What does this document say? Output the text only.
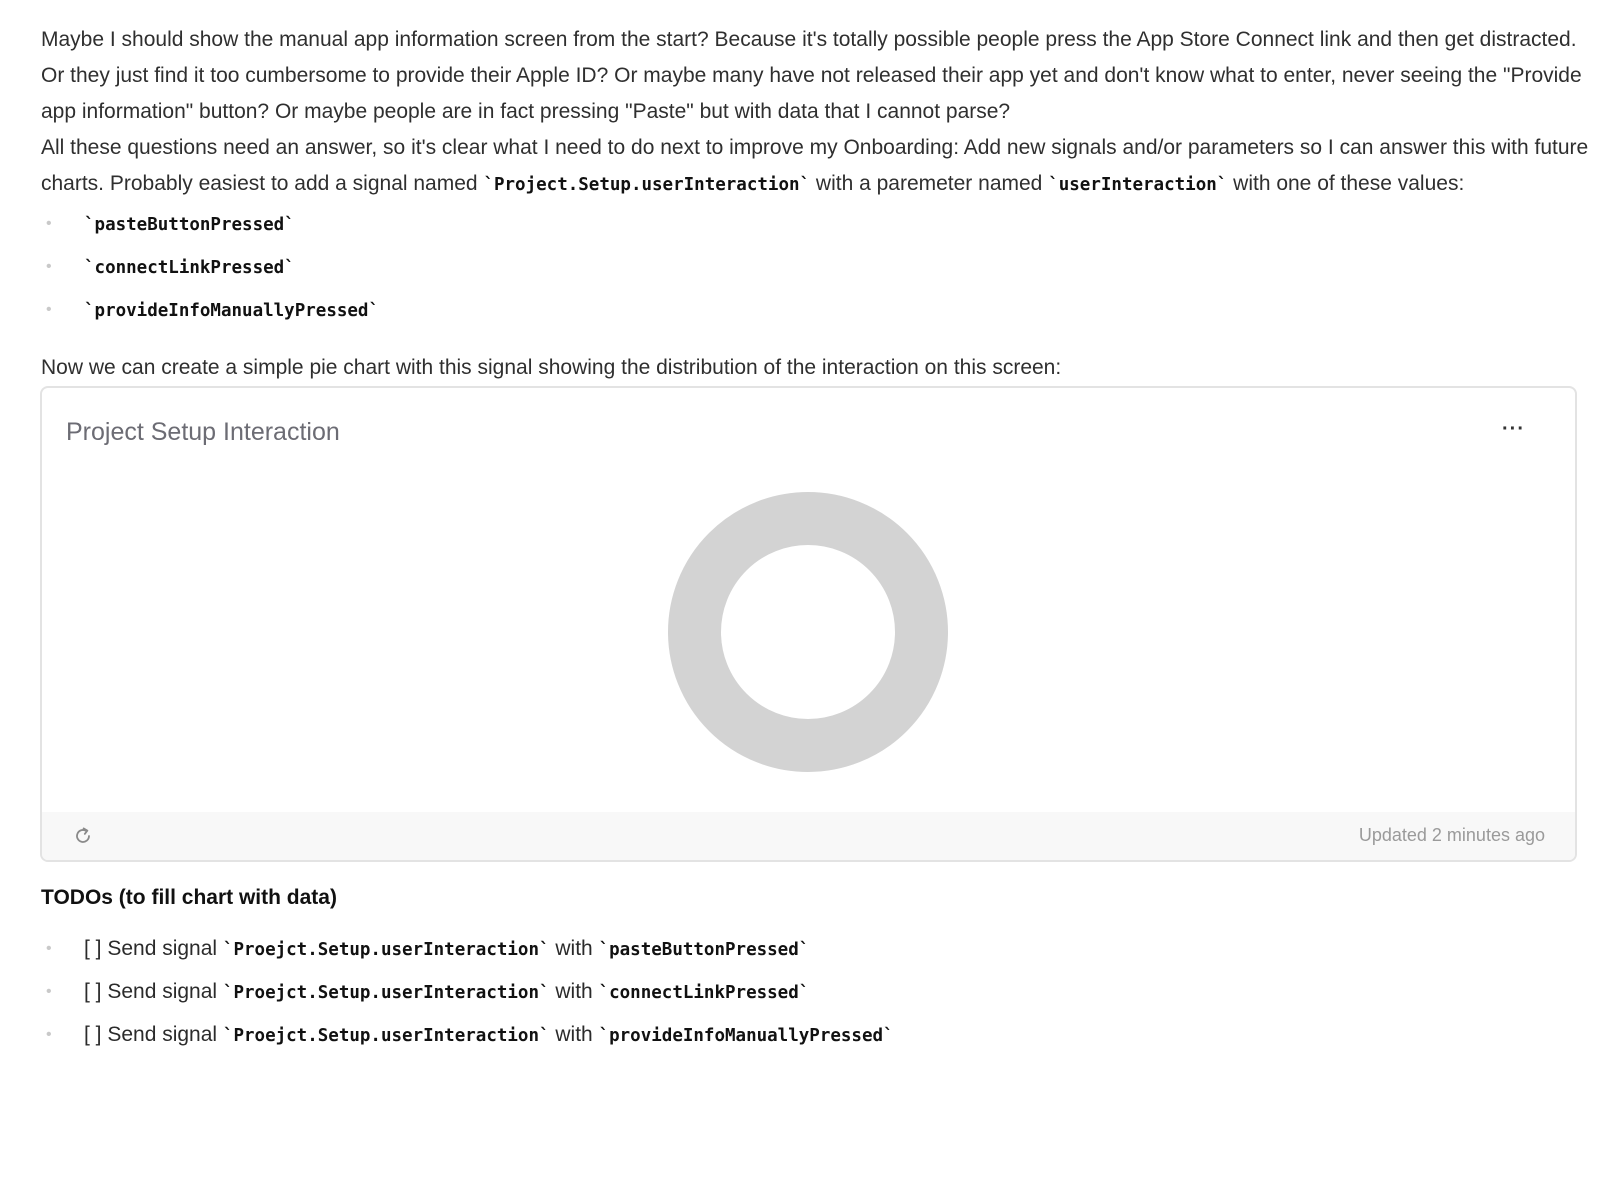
Maybe I should show the manual app information screen from the start? Because it's totally possible people press the App Store Connect link and then get distracted. Or they just find it too cumbersome to provide their Apple ID? Or maybe many have not released their app yet and don't know what to enter, never seeing the "Provide app information" button? Or maybe people are in fact pressing "Paste" but with data that I cannot parse?

All these questions need an answer, so it's clear what I need to do next to improve my Onboarding: Add new signals and/or parameters so I can answer this with future charts. Probably easiest to add a signal named `Project.Setup.userInteraction` with a paremeter named `userInteraction` with one of these values:

• `pasteButtonPressed`
• `connectLinkPressed`
• `provideInfoManuallyPressed`

Now we can create a simple pie chart with this signal showing the distribution of the interaction on this screen:

Project Setup Interaction	···
Updated 2 minutes ago
TODOs (to fill chart with data)
• [ ] Send signal `Proejct.Setup.userInteraction` with `pasteButtonPressed`
• [ ] Send signal `Proejct.Setup.userInteraction` with `connectLinkPressed`
• [ ] Send signal `Proejct.Setup.userInteraction` with `provideInfoManuallyPressed`
